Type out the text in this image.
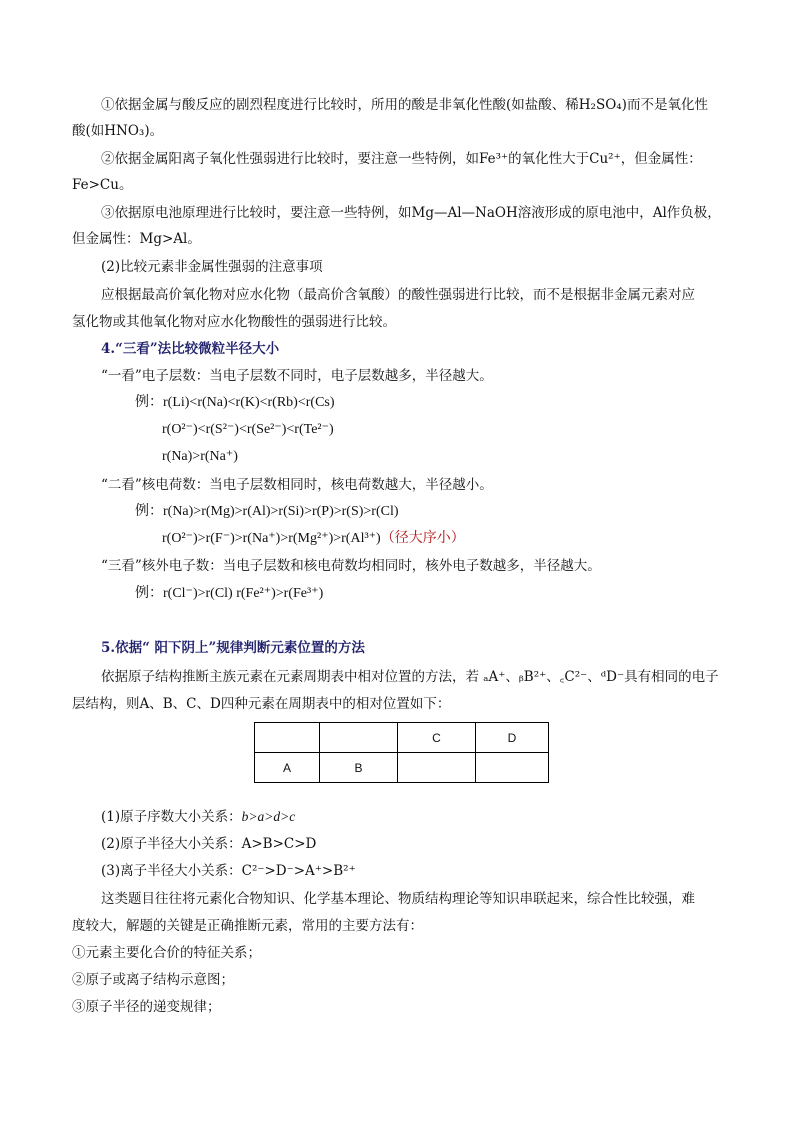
①依据金属与酸反应的剧烈程度进行比较时，所用的酸是非氧化性酸(如盐酸、稀H₂SO₄)而不是氧化性
酸(如HNO₃)。
②依据金属阳离子氧化性强弱进行比较时，要注意一些特例，如Fe³⁺的氧化性大于Cu²⁺，但金属性：
Fe>Cu。
③依据原电池原理进行比较时，要注意一些特例，如Mg—Al—NaOH溶液形成的原电池中，Al作负极，
但金属性：Mg>Al。
(2)比较元素非金属性强弱的注意事项
应根据最高价氧化物对应水化物（最高价含氧酸）的酸性强弱进行比较，而不是根据非金属元素对应
氢化物或其他氧化物对应水化物酸性的强弱进行比较。
4.“三看”法比较微粒半径大小
“一看”电子层数：当电子层数不同时，电子层数越多，半径越大。
例：r(Li)<r(Na)<r(K)<r(Rb)<r(Cs)
r(O²⁻)<r(S²⁻)<r(Se²⁻)<r(Te²⁻)
r(Na)>r(Na⁺)
“二看”核电荷数：当电子层数相同时，核电荷数越大，半径越小。
例：r(Na)>r(Mg)>r(Al)>r(Si)>r(P)>r(S)>r(Cl)
r(O²⁻)>r(F⁻)>r(Na⁺)>r(Mg²⁺)>r(Al³⁺)（径大序小）
“三看”核外电子数：当电子层数和核电荷数均相同时，核外电子数越多，半径越大。
例：r(Cl⁻)>r(Cl) r(Fe²⁺)>r(Fe³⁺)
5.依据“ 阳下阴上”规律判断元素位置的方法
依据原子结构推断主族元素在元素周期表中相对位置的方法，若 ₐA⁺、ᵦB²⁺、꜀C²⁻、ᵈD⁻具有相同的电子
层结构，则A、B、C、D四种元素在周期表中的相对位置如下：
		C	D
A	B		
(1)原子序数大小关系：b>a>d>c
(2)原子半径大小关系：A>B>C>D
(3)离子半径大小关系：C²⁻>D⁻>A⁺>B²⁺
这类题目往往将元素化合物知识、化学基本理论、物质结构理论等知识串联起来，综合性比较强，难
度较大，解题的关键是正确推断元素，常用的主要方法有：
①元素主要化合价的特征关系；
②原子或离子结构示意图；
③原子半径的递变规律；
